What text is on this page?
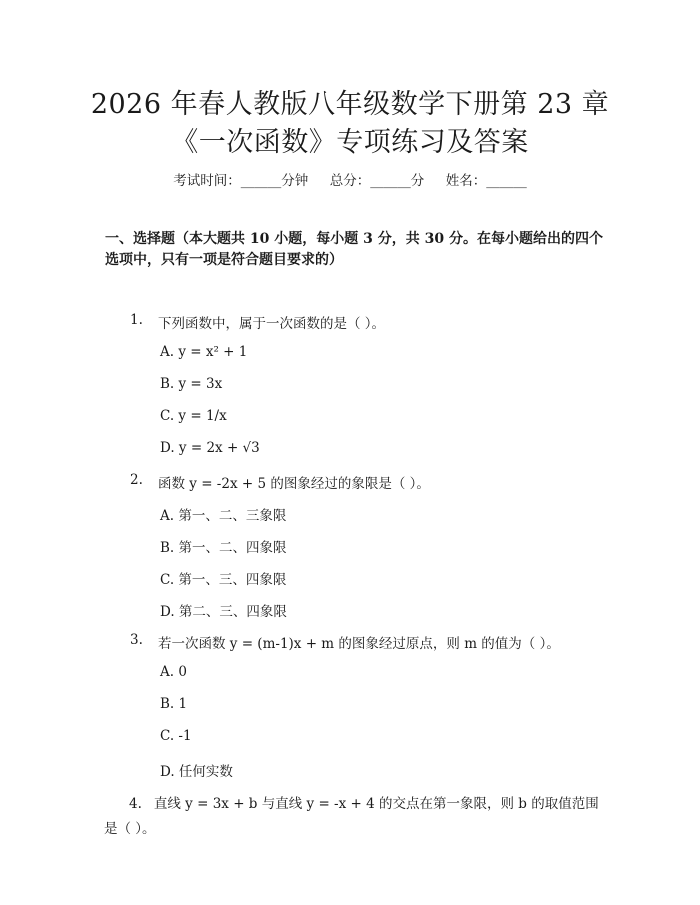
2026 年春人教版八年级数学下册第 23 章
《一次函数》专项练习及答案
考试时间：______分钟     总分：______分     姓名：______
一、选择题（本大题共 10 小题，每小题 3 分，共 30 分。在每小题给出的四个选项中，只有一项是符合题目要求的）
1. 下列函数中，属于一次函数的是（ ）。
A. y = x² + 1
B. y = 3x
C. y = 1/x
D. y = 2x + √3
2. 函数 y = -2x + 5 的图象经过的象限是（ ）。
A. 第一、二、三象限
B. 第一、二、四象限
C. 第一、三、四象限
D. 第二、三、四象限
3. 若一次函数 y = (m-1)x + m 的图象经过原点，则 m 的值为（ ）。
A. 0
B. 1
C. -1
D. 任何实数
4. 直线 y = 3x + b 与直线 y = -x + 4 的交点在第一象限，则 b 的取值范围是（ ）。
